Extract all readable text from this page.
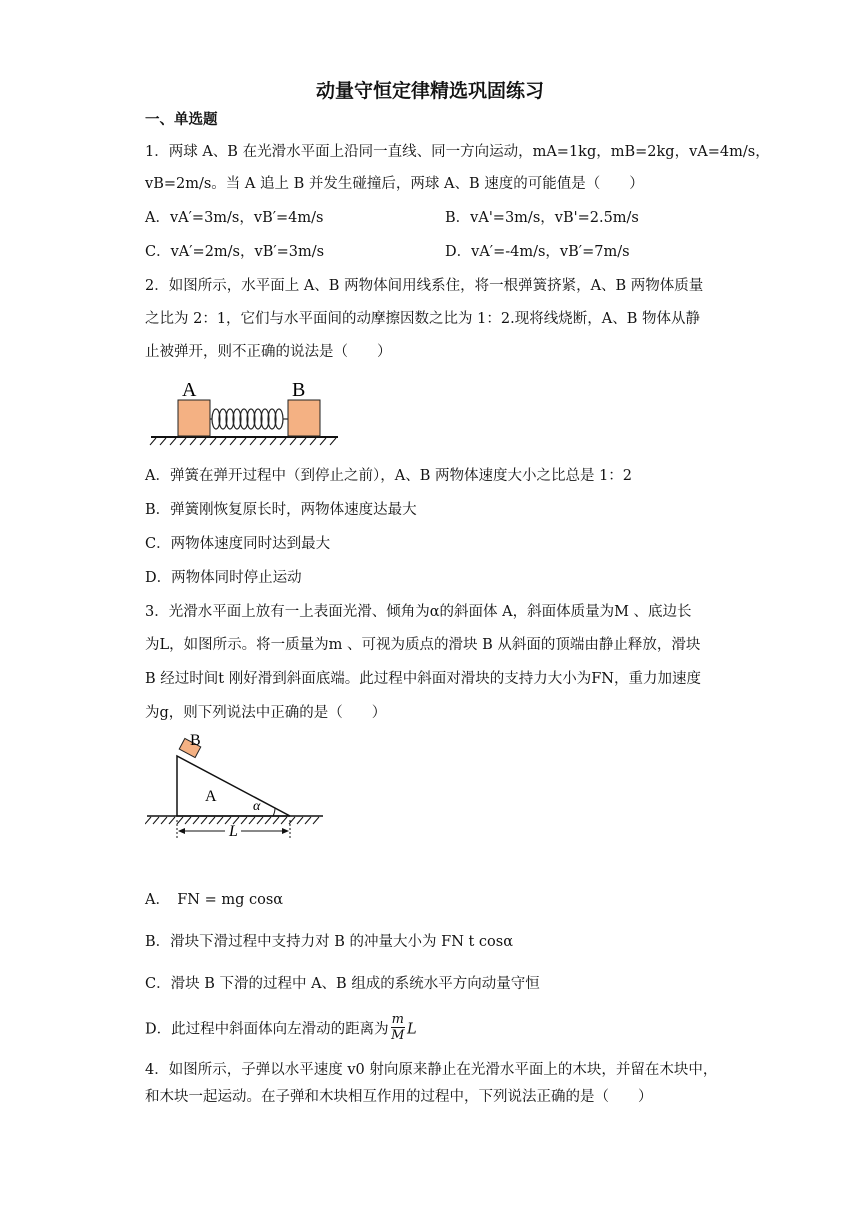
动量守恒定律精选巩固练习
一、单选题
1．两球 A、B 在光滑水平面上沿同一直线、同一方向运动，mA=1kg，mB=2kg，vA=4m/s，
vB=2m/s。当 A 追上 B 并发生碰撞后，两球 A、B 速度的可能值是（　　）
A．vA′=3m/s，vB′=4m/s	B．vA'=3m/s，vB'=2.5m/s
C．vA′=2m/s，vB′=3m/s	D．vA′=-4m/s，vB′=7m/s
2．如图所示，水平面上 A、B 两物体间用线系住，将一根弹簧挤紧，A、B 两物体质量
之比为 2：1，它们与水平面间的动摩擦因数之比为 1：2.现将线烧断，A、B 物体从静
止被弹开，则不正确的说法是（　　）
A	B
A．弹簧在弹开过程中（到停止之前），A、B 两物体速度大小之比总是 1：2
B．弹簧刚恢复原长时，两物体速度达最大
C．两物体速度同时达到最大
D．两物体同时停止运动
3．光滑水平面上放有一上表面光滑、倾角为α的斜面体 A，斜面体质量为M 、底边长
为L，如图所示。将一质量为m 、可视为质点的滑块 B 从斜面的顶端由静止释放，滑块
B 经过时间t 刚好滑到斜面底端。此过程中斜面对滑块的支持力大小为FN，重力加速度
为g，则下列说法中正确的是（　　）
B
A
α
L
A．　FN = mg cosα
B．滑块下滑过程中支持力对 B 的冲量大小为 FN t cosα
C．滑块 B 下滑的过程中 A、B 组成的系统水平方向动量守恒
D．此过程中斜面体向左滑动的距离为 $\frac{m}{M}$ L
4．如图所示，子弹以水平速度 v0 射向原来静止在光滑水平面上的木块，并留在木块中，
和木块一起运动。在子弹和木块相互作用的过程中，下列说法正确的是（　　）
